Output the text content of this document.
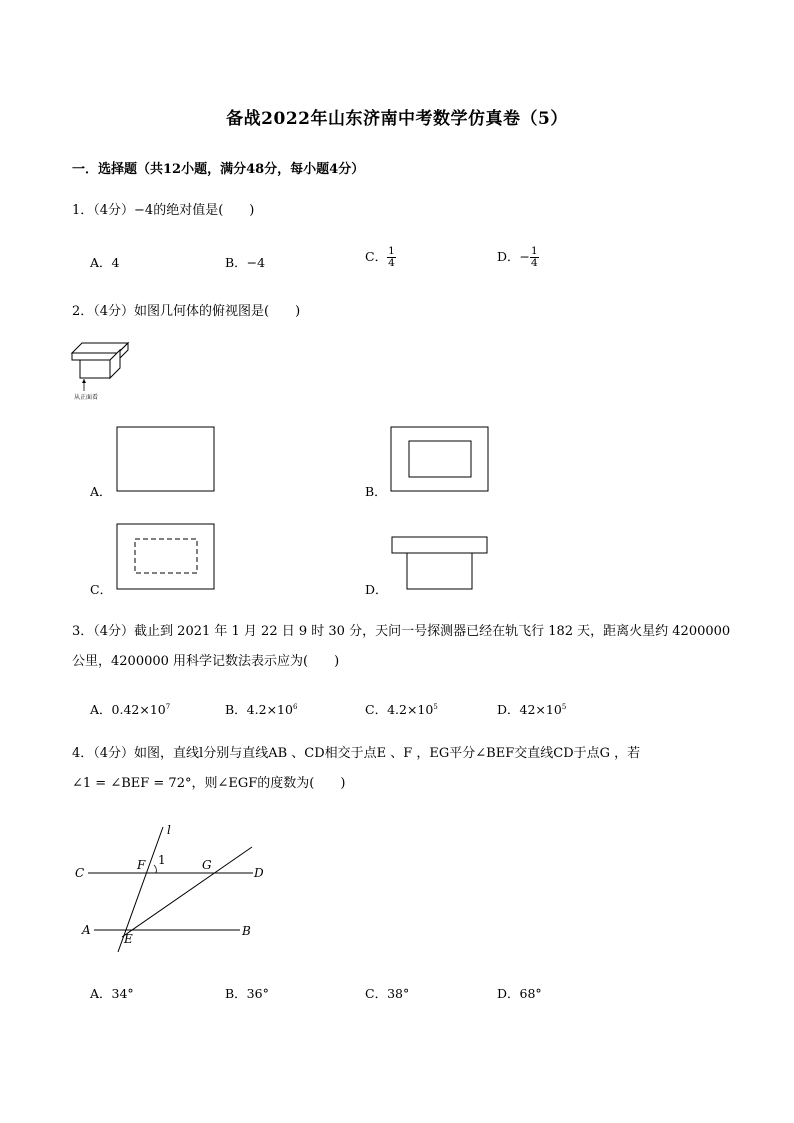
备战2022年山东济南中考数学仿真卷（5）
一．选择题（共12小题，满分48分，每小题4分）
1．（4分）−4的绝对值是(　　)
A．4	B．−4	C． $\frac{1}{4}$	D．− $\frac{1}{4}$
2．（4分）如图几何体的俯视图是(　　)
从正面看
A．	B．
C．	D．
3．（4分）截止到 2021 年 1 月 22 日 9 时 30 分，天问一号探测器已经在轨飞行 182 天，距离火星约 4200000
公里，4200000 用科学记数法表示应为(　　)
A．$0.42\times 10^7$	B．$4.2\times 10^6$	C．$4.2\times 10^5$	D．$42\times 10^5$
4．（4分）如图，直线l分别与直线AB 、CD相交于点E 、F ，EG平分∠BEF交直线CD于点G ，若
∠1 = ∠BEF = 72°，则∠EGF的度数为(　　)
l
C
F 1	G
D
A
E
B
A．34°	B．36°	C．38°	D．68°
